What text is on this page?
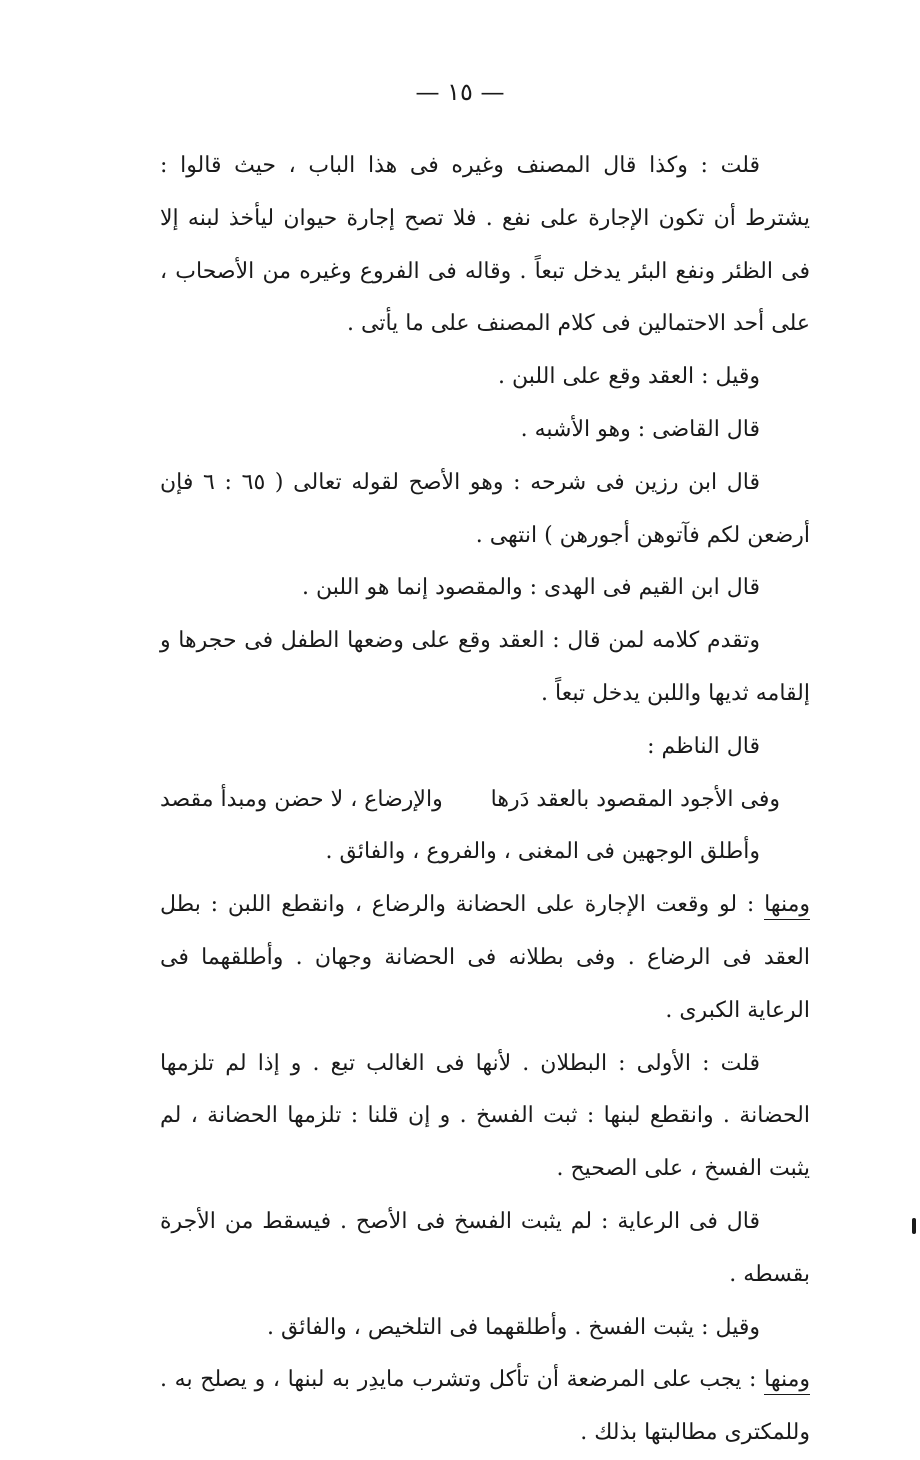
— ١٥ —

قلت : وكذا قال المصنف وغيره فى هذا الباب ، حيث قالوا : يشترط أن تكون الإجارة على نفع . فلا تصح إجارة حيوان ليأخذ لبنه إلا فى الظئر ونفع البئر يدخل تبعاً . وقاله فى الفروع وغيره من الأصحاب ، على أحد الاحتمالين فى كلام المصنف على ما يأتى .

وقيل : العقد وقع على اللبن .

قال القاضى : وهو الأشبه .

قال ابن رزين فى شرحه : وهو الأصح لقوله تعالى ( ٦٥ : ٦ فإن أرضعن لكم فآتوهن أجورهن ) انتهى .

قال ابن القيم فى الهدى : والمقصود إنما هو اللبن .

وتقدم كلامه لمن قال : العقد وقع على وضعها الطفل فى حجرها و إلقامه ثديها واللبن يدخل تبعاً .

قال الناظم :

وفى الأجود المقصود بالعقد دَرها
والإرضاع ، لا حضن ومبدأ مقصد

وأطلق الوجهين فى المغنى ، والفروع ، والفائق .

ومنها : لو وقعت الإجارة على الحضانة والرضاع ، وانقطع اللبن : بطل العقد فى الرضاع . وفى بطلانه فى الحضانة وجهان . وأطلقهما فى الرعاية الكبرى .

قلت : الأولى : البطلان . لأنها فى الغالب تبع . و إذا لم تلزمها الحضانة . وانقطع لبنها : ثبت الفسخ . و إن قلنا : تلزمها الحضانة ، لم يثبت الفسخ ، على الصحيح .

قال فى الرعاية : لم يثبت الفسخ فى الأصح . فيسقط من الأجرة بقسطه .

وقيل : يثبت الفسخ . وأطلقهما فى التلخيص ، والفائق .

ومنها : يجب على المرضعة أن تأكل وتشرب مايدِر به لبنها ، و يصلح به . وللمكترى مطالبتها بذلك .
